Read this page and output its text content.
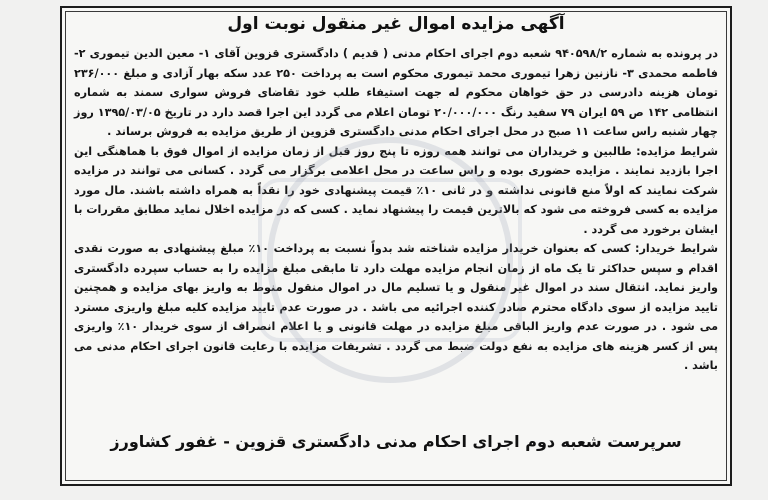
آگهی مزایده اموال غیر منقول نوبت اول

در پرونده به شماره ۹۴۰۵۹۸/۲ شعبه دوم اجرای احکام مدنی ( قدیم ) دادگستری قزوین آقای ۱- معین الدین تیموری ۲- فاطمه محمدی ۳- نازنین زهرا تیموری محمد تیموری محکوم است به پرداخت ۲۵۰ عدد سکه بهار آزادی و مبلغ ۲۳۶/۰۰۰ تومان هزینه دادرسی در حق خواهان محکوم له جهت استیفاء طلب خود تقاضای فروش سواری سمند به شماره انتظامی ۱۴۲ ص ۵۹ ایران ۷۹ سفید رنگ ۲۰/۰۰۰/۰۰۰ تومان اعلام می گردد این اجرا قصد دارد در تاریخ ۱۳۹۵/۰۳/۰۵ روز چهار شنبه راس ساعت ۱۱ صبح در محل اجرای احکام مدنی دادگستری قزوین از طریق مزایده به فروش برساند .

شرایط مزایده: طالبین و خریداران می توانند همه روزه تا پنج روز قبل از زمان مزایده از اموال فوق با هماهنگی این اجرا بازدید نمایند . مزایده حضوری بوده و راس ساعت در محل اعلامی برگزار می گردد . کسانی می توانند در مزایده شرکت نمایند که اولاً منع قانونی نداشته و در ثانی ۱۰٪ قیمت پیشنهادی خود را نقداً به همراه داشته باشند. مال مورد مزایده به کسی فروخته می شود که بالاترین قیمت را پیشنهاد نماید . کسی که در مزایده اخلال نماید مطابق مقررات با ایشان برخورد می گردد .

شرایط خریدار: کسی که بعنوان خریدار مزایده شناخته شد بدواً نسبت به پرداخت ۱۰٪ مبلغ پیشنهادی به صورت نقدی اقدام و سپس حداکثر تا یک ماه از زمان انجام مزایده مهلت دارد تا مابقی مبلغ مزایده را به حساب سپرده دادگستری واریز نماید. انتقال سند در اموال غیر منقول و یا تسلیم مال در اموال منقول منوط به واریز بهای مزایده و همچنین تایید مزایده از سوی دادگاه محترم صادر کننده اجرائیه می باشد . در صورت عدم تایید مزایده کلیه مبلغ واریزی مسترد می شود . در صورت عدم واریز الباقی مبلغ مزایده در مهلت قانونی و یا اعلام انصراف از سوی خریدار ۱۰٪ واریزی پس از کسر هزینه های مزایده به نفع دولت ضبط می گردد . تشریفات مزایده با رعایت قانون اجرای احکام مدنی می باشد .

سرپرست شعبه دوم اجرای احکام مدنی دادگستری قزوین - غفور کشاورز
